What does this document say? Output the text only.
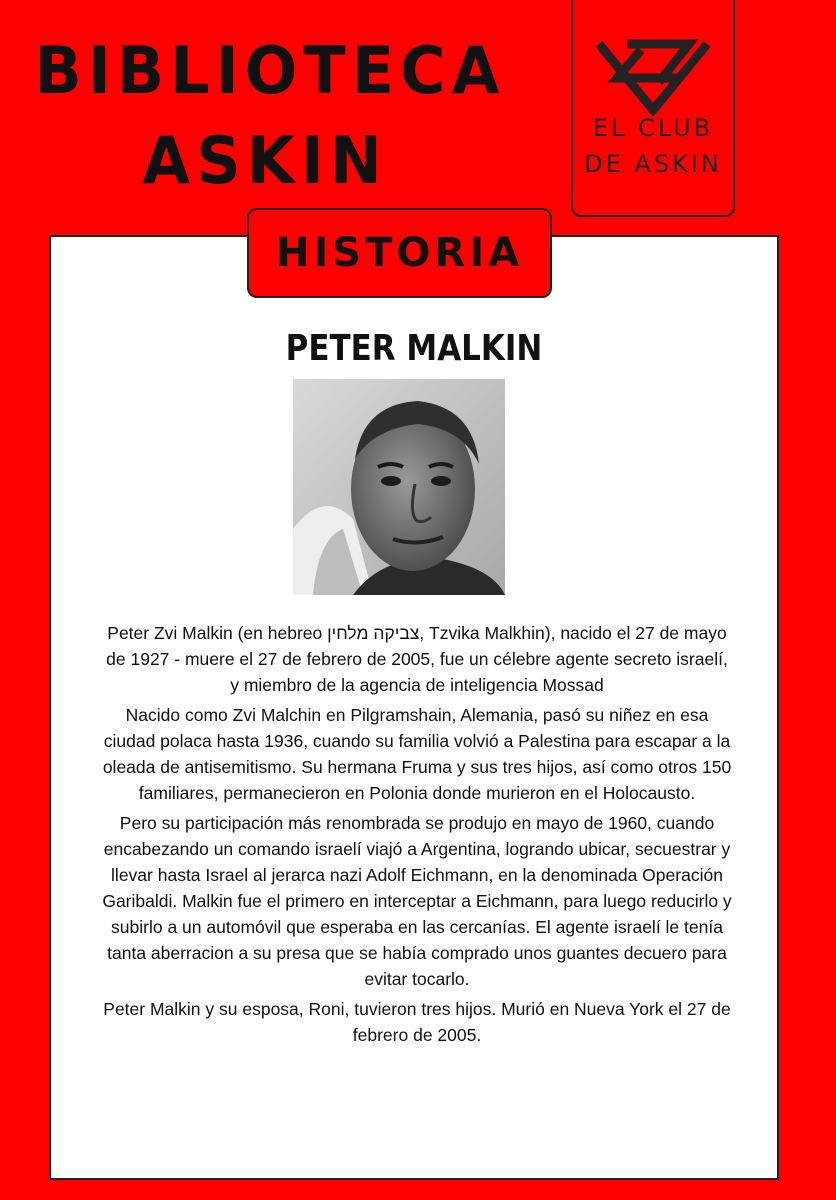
BIBLIOTECA
ASKIN	EL CLUB
DE ASKIN
HISTORIA
PETER MALKIN

Peter Zvi Malkin (en hebreo צביקה מלחין, Tzvika Malkhin), nacido el 27 de mayo de 1927 - muere el 27 de febrero de 2005, fue un célebre agente secreto israelí, y miembro de la agencia de inteligencia Mossad

Nacido como Zvi Malchin en Pilgramshain, Alemania, pasó su niñez en esa ciudad polaca hasta 1936, cuando su familia volvió a Palestina para escapar a la oleada de antisemitismo. Su hermana Fruma y sus tres hijos, así como otros 150 familiares, permanecieron en Polonia donde murieron en el Holocausto.

Pero su participación más renombrada se produjo en mayo de 1960, cuando encabezando un comando israelí viajó a Argentina, logrando ubicar, secuestrar y llevar hasta Israel al jerarca nazi Adolf Eichmann, en la denominada Operación Garibaldi. Malkin fue el primero en interceptar a Eichmann, para luego reducirlo y subirlo a un automóvil que esperaba en las cercanías. El agente israelí le tenía tanta aberracion a su presa que se había comprado unos guantes decuero para evitar tocarlo.

Peter Malkin y su esposa, Roni, tuvieron tres hijos. Murió en Nueva York el 27 de febrero de 2005.
